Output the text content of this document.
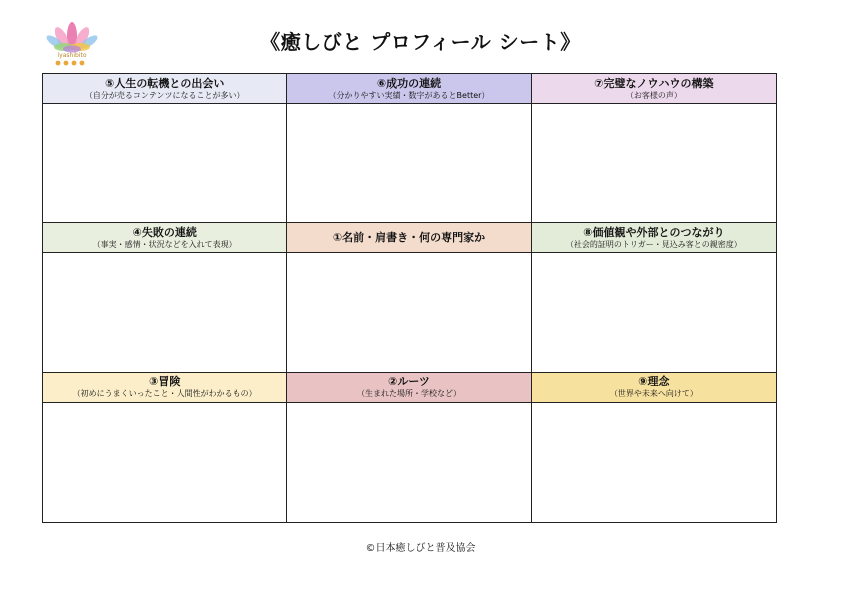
iyashibito
《癒しびと プロフィール シート》
⑤人生の転機との出会い
（自分が売るコンテンツになることが多い）
⑥成功の連続
（分かりやすい実績・数字があるとBetter）
⑦完璧なノウハウの構築
（お客様の声）
④失敗の連続
（事実・感情・状況などを入れて表現）	①名前・肩書き・何の専門家か	⑧価値観や外部とのつながり
（社会的証明のトリガー・見込み客との親密度）
③冒険
（初めにうまくいったこと・人間性がわかるもの）
②ルーツ
（生まれた場所・学校など）
⑨理念
（世界や未来へ向けて）
©日本癒しびと普及協会
